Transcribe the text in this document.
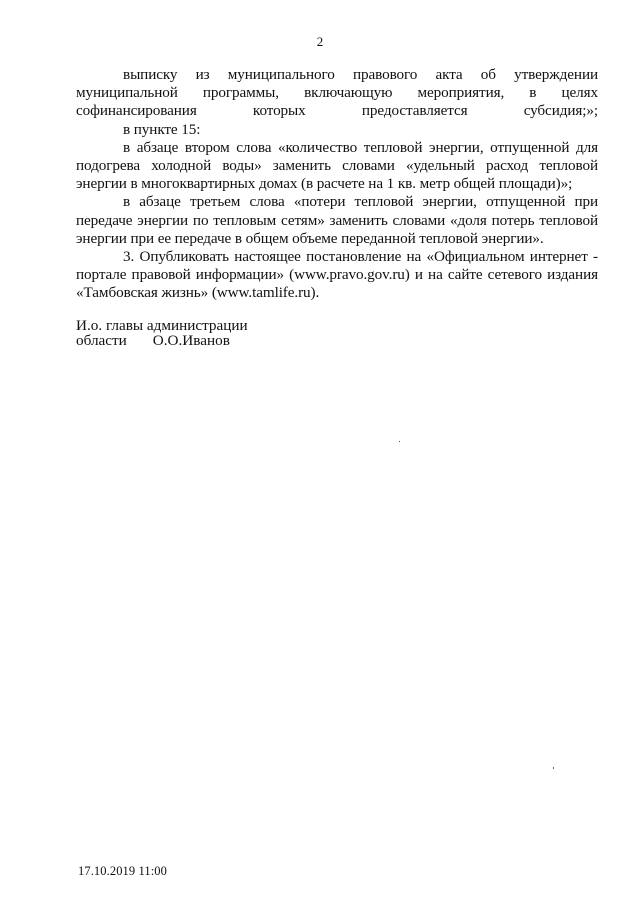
2

выписку из муниципального правового акта об утверждении муниципальной программы, включающую мероприятия, в целях софинансирования которых предоставляется субсидия;»;

в пункте 15:

в абзаце втором слова «количество тепловой энергии, отпущенной для подогрева холодной воды» заменить словами «удельный расход тепловой энергии в многоквартирных домах (в расчете на 1 кв. метр общей площади)»;

в абзаце третьем слова «потери тепловой энергии, отпущенной при передаче энергии по тепловым сетям» заменить словами «доля потерь тепловой энергии при ее передаче в общем объеме переданной тепловой энергии».

3. Опубликовать настоящее постановление на «Официальном интернет - портале правовой информации» (www.pravo.gov.ru) и на сайте сетевого издания «Тамбовская жизнь» (www.tamlife.ru).

И.о. главы администрации
области О.О.Иванов
17.10.2019 11:00
